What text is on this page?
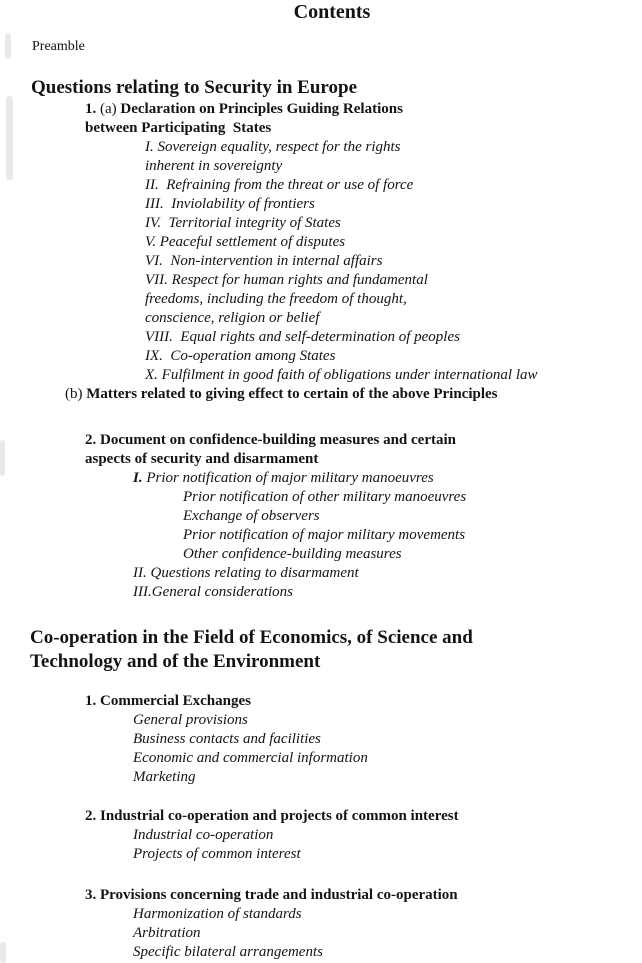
Contents
Preamble
Questions relating to Security in Europe
1. (a) Declaration on Principles Guiding Relations
between Participating  States
I. Sovereign equality, respect for the rights
inherent in sovereignty
II.  Refraining from the threat or use of force
III.  Inviolability of frontiers
IV.  Territorial integrity of States
V. Peaceful settlement of disputes
VI.  Non-intervention in internal affairs
VII. Respect for human rights and fundamental
freedoms, including the freedom of thought,
conscience, religion or belief
VIII.  Equal rights and self-determination of peoples
IX.  Co-operation among States
X. Fulfilment in good faith of obligations under international law
(b) Matters related to giving effect to certain of the above Principles
2. Document on confidence-building measures and certain
aspects of security and disarmament
I. Prior notification of major military manoeuvres
Prior notification of other military manoeuvres
Exchange of observers
Prior notification of major military movements
Other confidence-building measures
II. Questions relating to disarmament
III.General considerations
Co-operation in the Field of Economics, of Science and
Technology and of the Environment
1. Commercial Exchanges
General provisions
Business contacts and facilities
Economic and commercial information
Marketing
2. Industrial co-operation and projects of common interest
Industrial co-operation
Projects of common interest
3. Provisions concerning trade and industrial co-operation
Harmonization of standards
Arbitration
Specific bilateral arrangements
